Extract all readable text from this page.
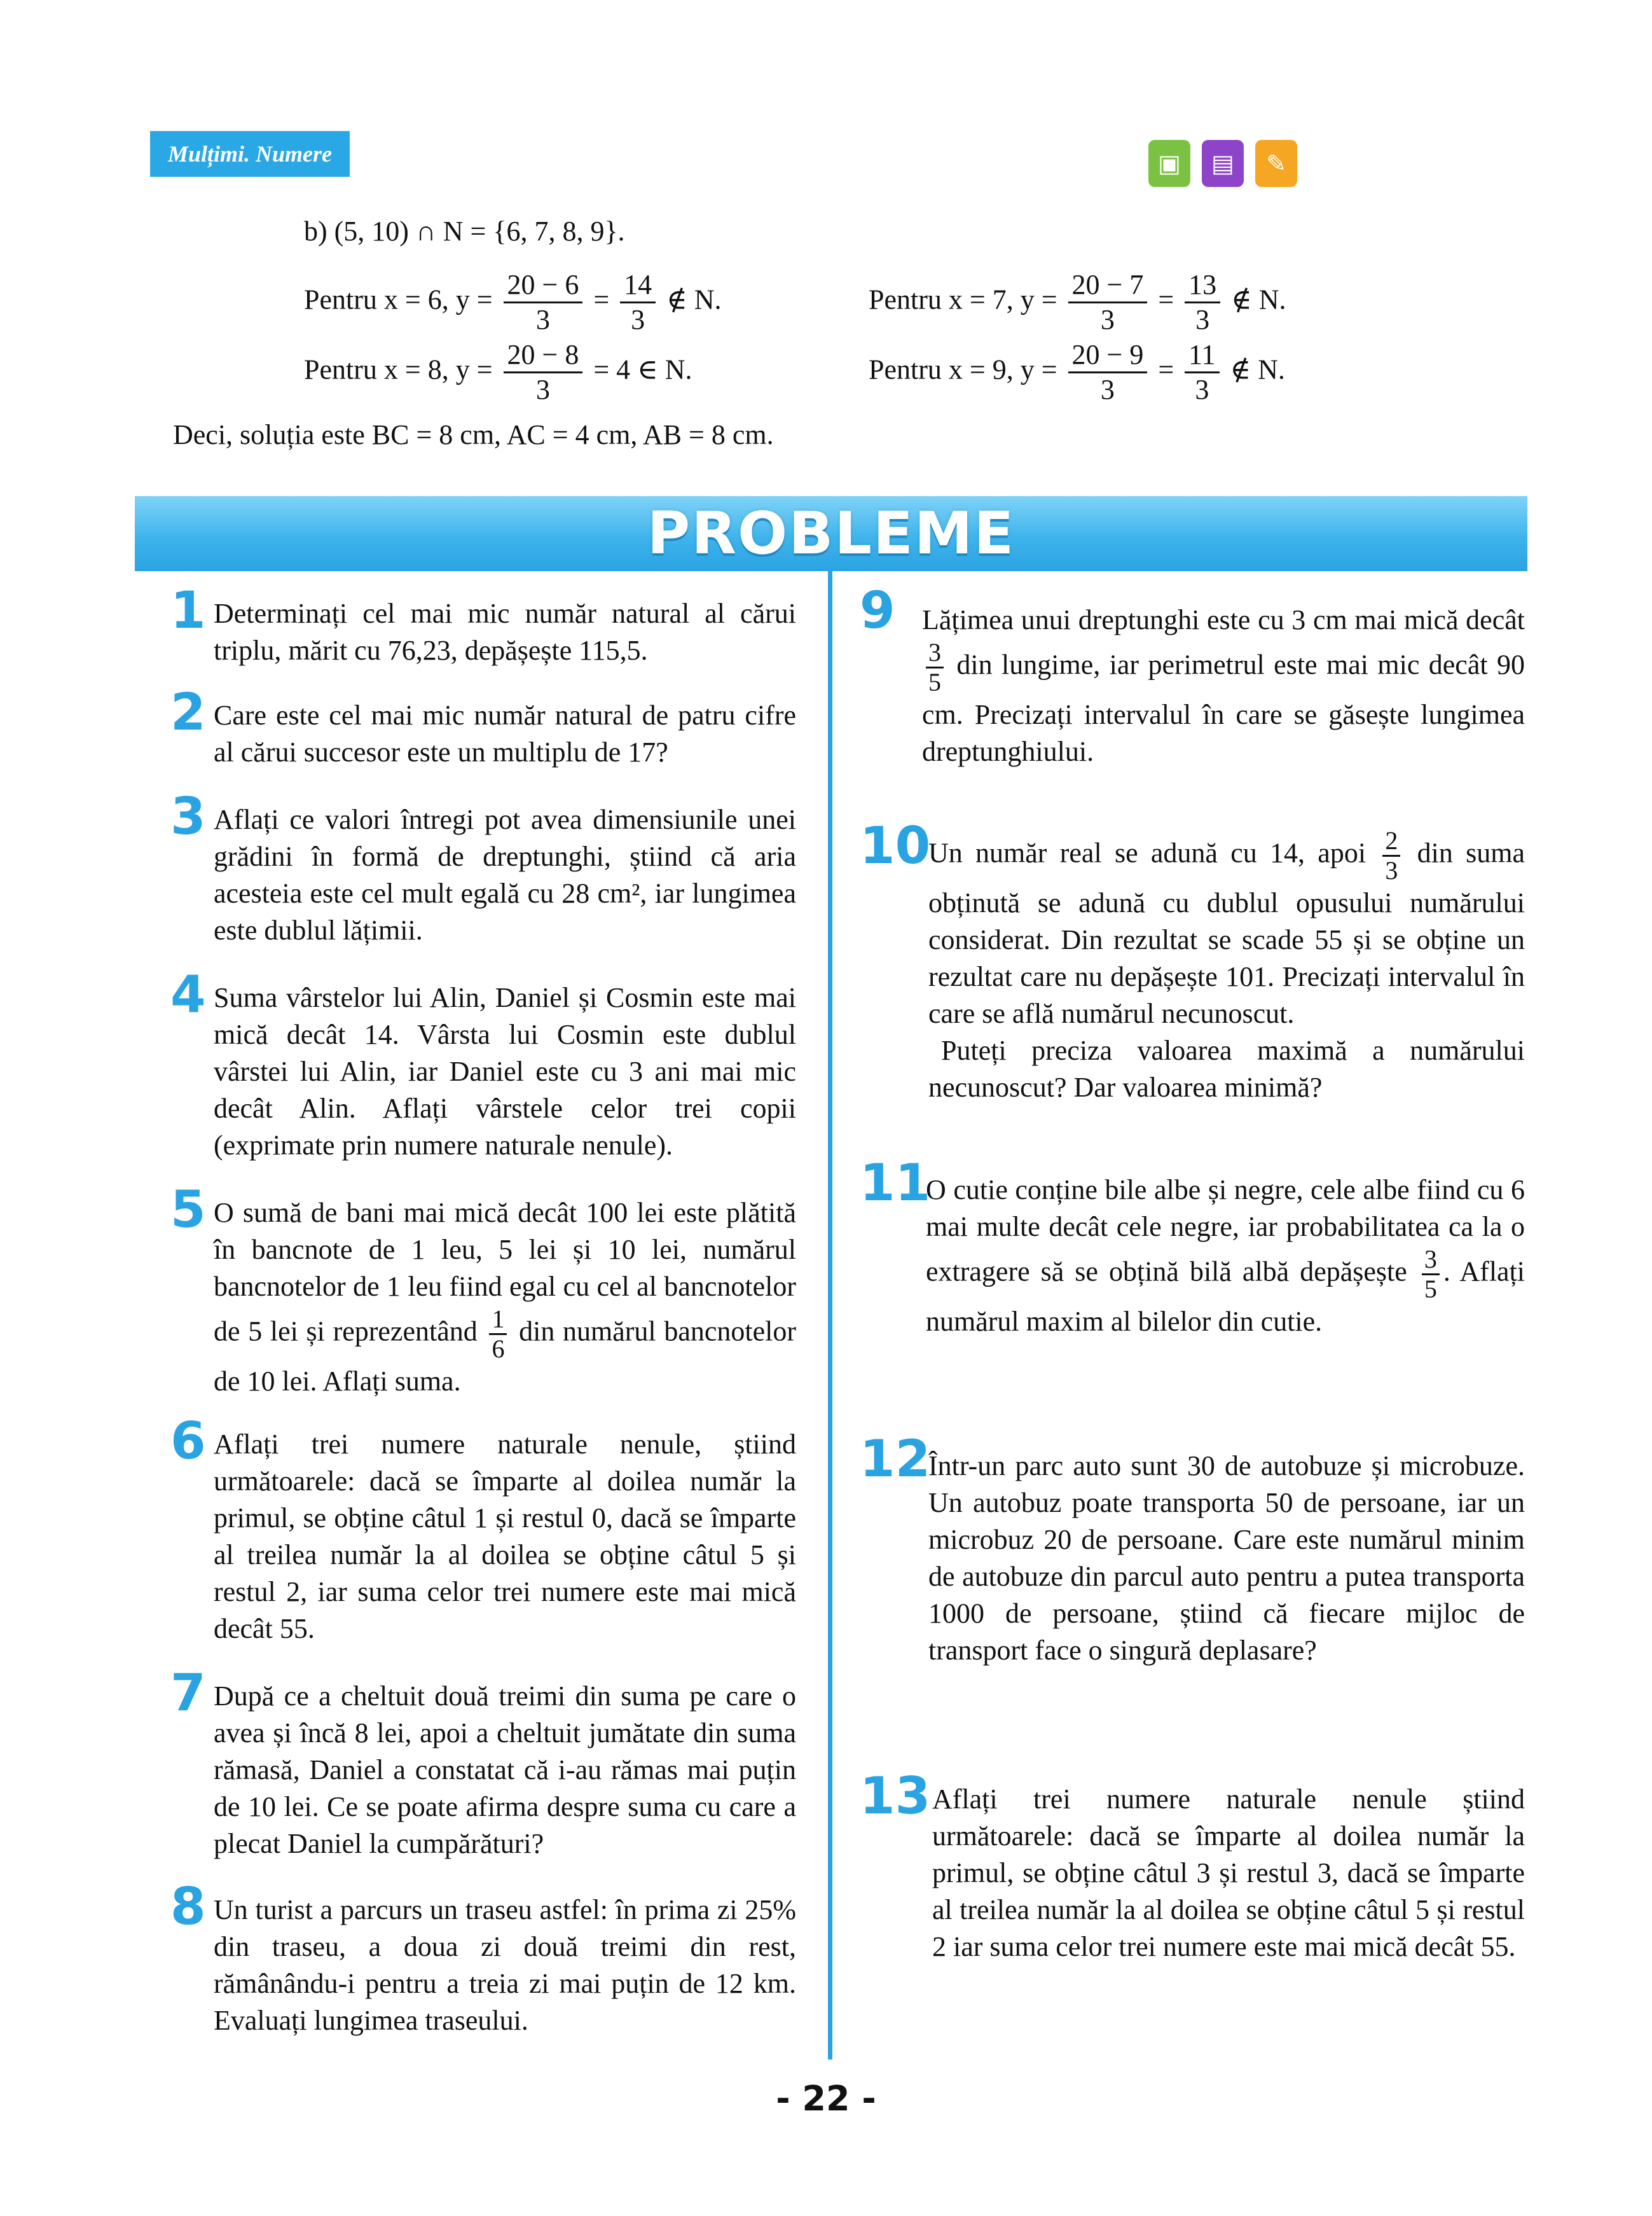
Mulțimi. Numere	▣	▤	✎
b) (5, 10) ∩ N = {6, 7, 8, 9}.
Pentru x = 6, $y = \frac{20 - 6}{3} = \frac{14}{3}$ ∉ N.	Pentru x = 7, $y = \frac{20 - 7}{3} = \frac{13}{3}$ ∉ N.
Pentru x = 8, $y = \frac{20 - 8}{3} = 4$ ∈ N.	Pentru x = 9, $y = \frac{20 - 9}{3} = \frac{11}{3}$ ∉ N.
Deci, soluția este BC = 8 cm, AC = 4 cm, AB = 8 cm.
PROBLEME
1 Determinați cel mai mic număr natural al cărui triplu, mărit cu 76,23, depășește 115,5.
2 Care este cel mai mic număr natural de patru cifre al cărui succesor este un multiplu de 17?
3 Aflați ce valori întregi pot avea dimensiunile unei grădini în formă de dreptunghi, știind că aria acesteia este cel mult egală cu 28 cm², iar lungimea este dublul lățimii.
4 Suma vârstelor lui Alin, Daniel și Cosmin este mai mică decât 14. Vârsta lui Cosmin este dublul vârstei lui Alin, iar Daniel este cu 3 ani mai mic decât Alin. Aflați vârstele celor trei copii (exprimate prin numere naturale nenule).
5 O sumă de bani mai mică decât 100 lei este plătită în bancnote de 1 leu, 5 lei și 10 lei, numărul bancnotelor de 1 leu fiind egal cu cel al bancnotelor de 5 lei și reprezentând $\frac{1}{6}$ din numărul bancnotelor de 10 lei. Aflați suma.
6 Aflați trei numere naturale nenule, știind următoarele: dacă se împarte al doilea număr la primul, se obține câtul 1 și restul 0, dacă se împarte al treilea număr la al doilea se obține câtul 5 și restul 2, iar suma celor trei numere este mai mică decât 55.
7 După ce a cheltuit două treimi din suma pe care o avea și încă 8 lei, apoi a cheltuit jumătate din suma rămasă, Daniel a constatat că i-au rămas mai puțin de 10 lei. Ce se poate afirma despre suma cu care a plecat Daniel la cumpărături?
8 Un turist a parcurs un traseu astfel: în prima zi 25% din traseu, a doua zi două treimi din rest, rămânându-i pentru a treia zi mai puțin de 12 km. Evaluați lungimea traseului.
9 Lățimea unui dreptunghi este cu 3 cm mai mică decât
$\frac{3}{5}$ din lungime, iar perimetrul este mai mic decât 90 cm. Precizați intervalul în care se găsește lungimea dreptunghiului.
10
Un număr real se adună cu 14, apoi $\frac{2}{3}$ din suma obținută se adună cu dublul opusului numărului considerat. Din rezultat se scade 55 și se obține un rezultat care nu depășește 101. Precizați intervalul în care se află numărul necunoscut.
Puteți preciza valoarea maximă a numărului necunoscut? Dar valoarea minimă?
11
O cutie conține bile albe și negre, cele albe fiind cu 6 mai multe decât cele negre, iar probabilitatea ca la o extragere să se obțină bilă albă depășește $\frac{3}{5}$ . Aflați numărul maxim al bilelor din cutie.
12
Într-un parc auto sunt 30 de autobuze și microbuze. Un autobuz poate transporta 50 de persoane, iar un microbuz 20 de persoane. Care este numărul minim de autobuze din parcul auto pentru a putea transporta 1000 de persoane, știind că fiecare mijloc de transport face o singură deplasare?
13 Aflați trei numere naturale nenule știind următoarele: dacă se împarte al doilea număr la primul, se obține câtul 3 și restul 3, dacă se împarte al treilea număr la al doilea se obține câtul 5 și restul 2 iar suma celor trei numere este mai mică decât 55.
- 22 -
